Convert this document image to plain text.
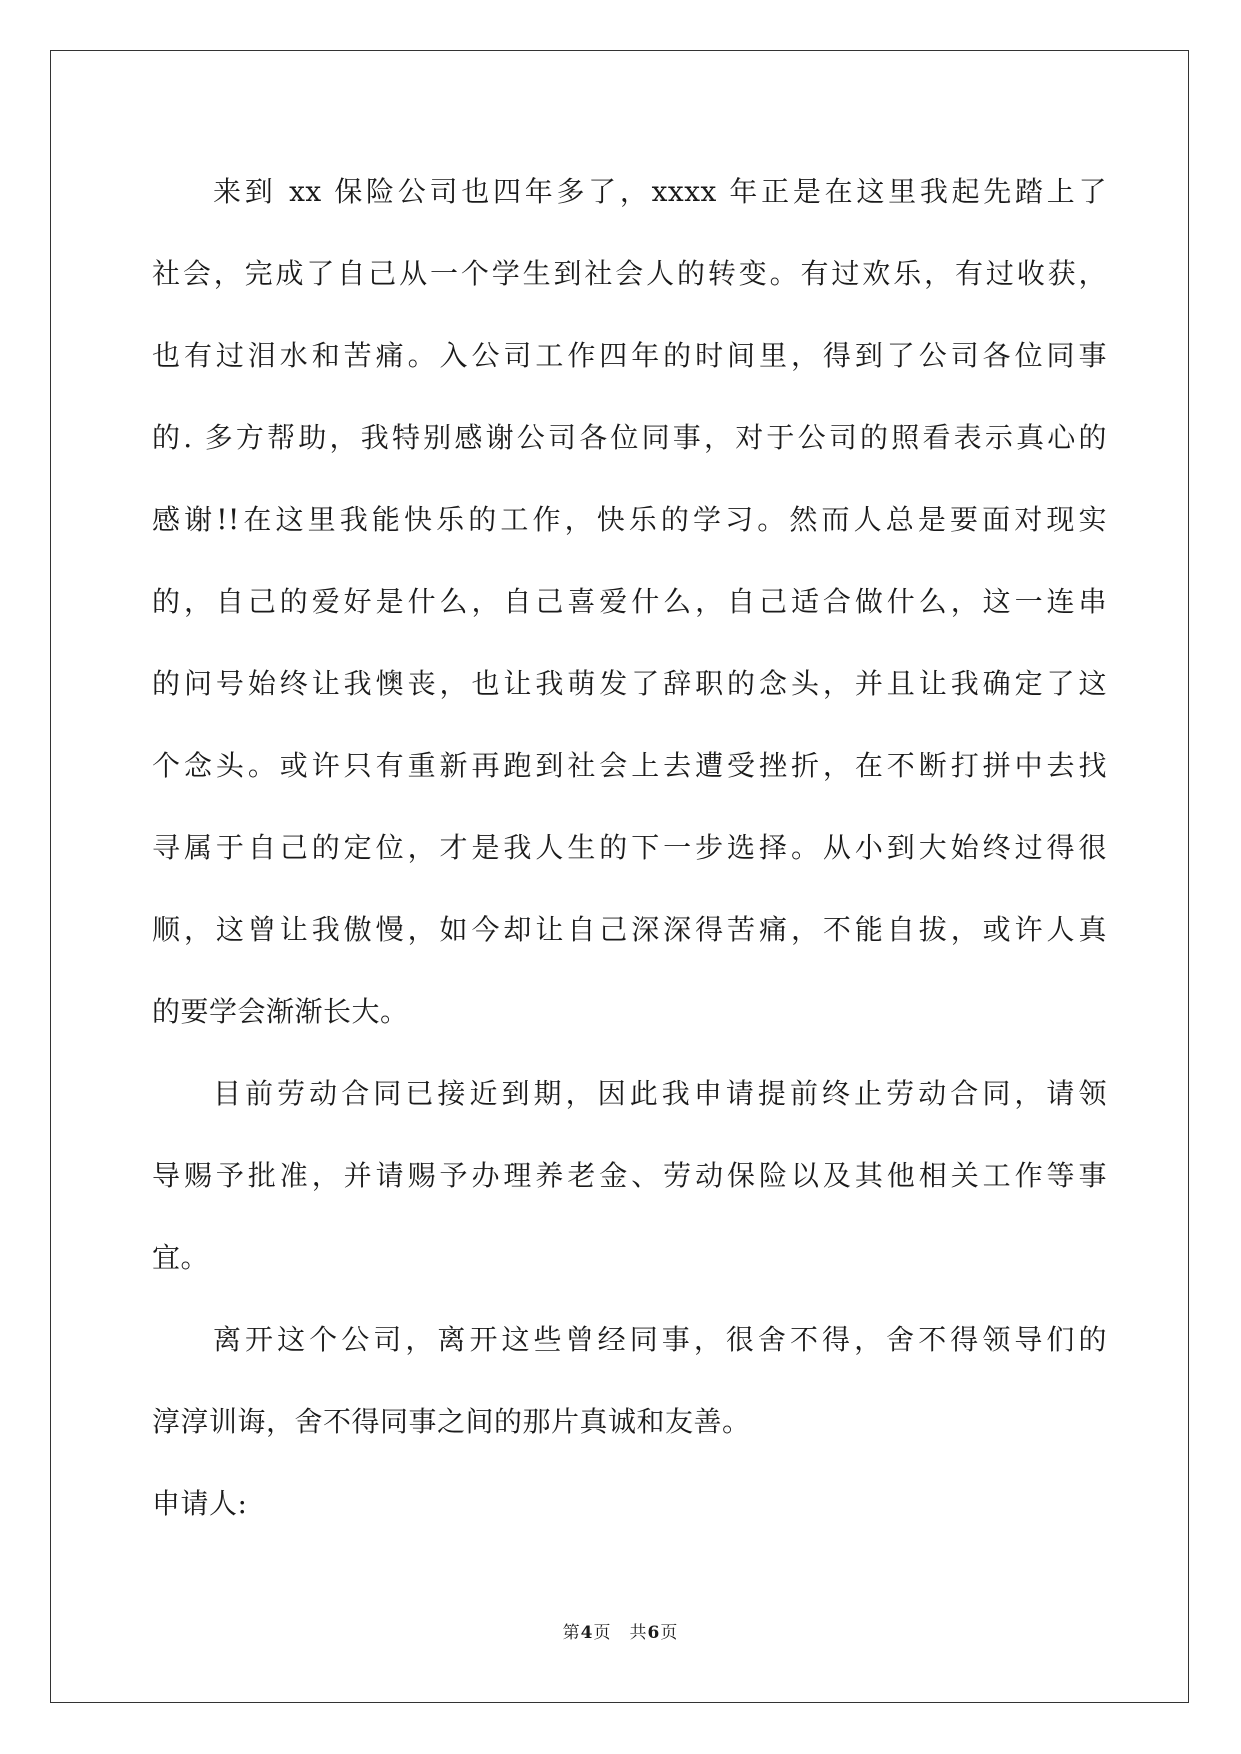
来到 xx 保险公司也四年多了，xxxx 年正是在这里我起先踏上了
社会，完成了自己从一个学生到社会人的转变。有过欢乐，有过收获，
也有过泪水和苦痛。入公司工作四年的时间里，得到了公司各位同事
的. 多方帮助，我特别感谢公司各位同事，对于公司的照看表示真心的
感谢!!在这里我能快乐的工作，快乐的学习。然而人总是要面对现实
的，自己的爱好是什么，自己喜爱什么，自己适合做什么，这一连串
的问号始终让我懊丧，也让我萌发了辞职的念头，并且让我确定了这
个念头。或许只有重新再跑到社会上去遭受挫折，在不断打拼中去找
寻属于自己的定位，才是我人生的下一步选择。从小到大始终过得很
顺，这曾让我傲慢，如今却让自己深深得苦痛，不能自拔，或许人真
的要学会渐渐长大。
目前劳动合同已接近到期，因此我申请提前终止劳动合同，请领
导赐予批准，并请赐予办理养老金、劳动保险以及其他相关工作等事
宜。
离开这个公司，离开这些曾经同事，很舍不得，舍不得领导们的
淳淳训诲，舍不得同事之间的那片真诚和友善。
申请人:
第4页　共6页
